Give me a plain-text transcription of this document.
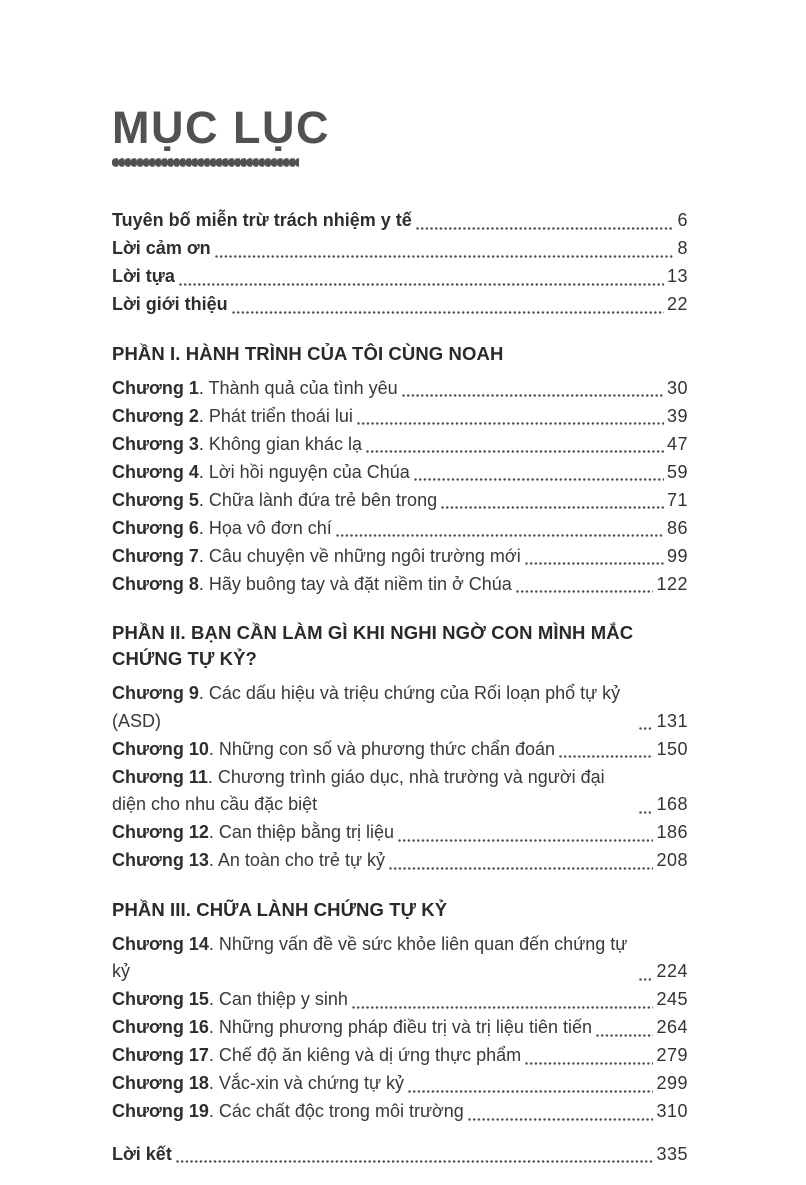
MỤC LỤC
Tuyên bố miễn trừ trách nhiệm y tế	6
Lời cảm ơn	8
Lời tựa	13
Lời giới thiệu	22
PHẦN I. HÀNH TRÌNH CỦA TÔI CÙNG NOAH
Chương 1 . Thành quả của tình yêu	30
Chương 2 . Phát triển thoái lui	39
Chương 3 . Không gian khác lạ	47
Chương 4 . Lời hồi nguyện của Chúa	59
Chương 5 . Chữa lành đứa trẻ bên trong	71
Chương 6 . Họa vô đơn chí	86
Chương 7 . Câu chuyện về những ngôi trường mới	99
Chương 8 . Hãy buông tay và đặt niềm tin ở Chúa	122
PHẦN II. BẠN CẦN LÀM GÌ KHI NGHI NGỜ CON MÌNH MẮC CHỨNG TỰ KỶ?
Chương 9 . Các dấu hiệu và triệu chứng của Rối loạn phổ tự kỷ (ASD)	131
Chương 10 . Những con số và phương thức chẩn đoán	150
Chương 11 . Chương trình giáo dục, nhà trường và người đại diện cho nhu cầu đặc biệt	168
Chương 12 . Can thiệp bằng trị liệu	186
Chương 13 . An toàn cho trẻ tự kỷ	208
PHẦN III. CHỮA LÀNH CHỨNG TỰ KỶ
Chương 14 . Những vấn đề về sức khỏe liên quan đến chứng tự kỷ	224
Chương 15 . Can thiệp y sinh	245
Chương 16 . Những phương pháp điều trị và trị liệu tiên tiến	264
Chương 17 . Chế độ ăn kiêng và dị ứng thực phẩm	279
Chương 18 . Vắc-xin và chứng tự kỷ	299
Chương 19 . Các chất độc trong môi trường	310
Lời kết	335
